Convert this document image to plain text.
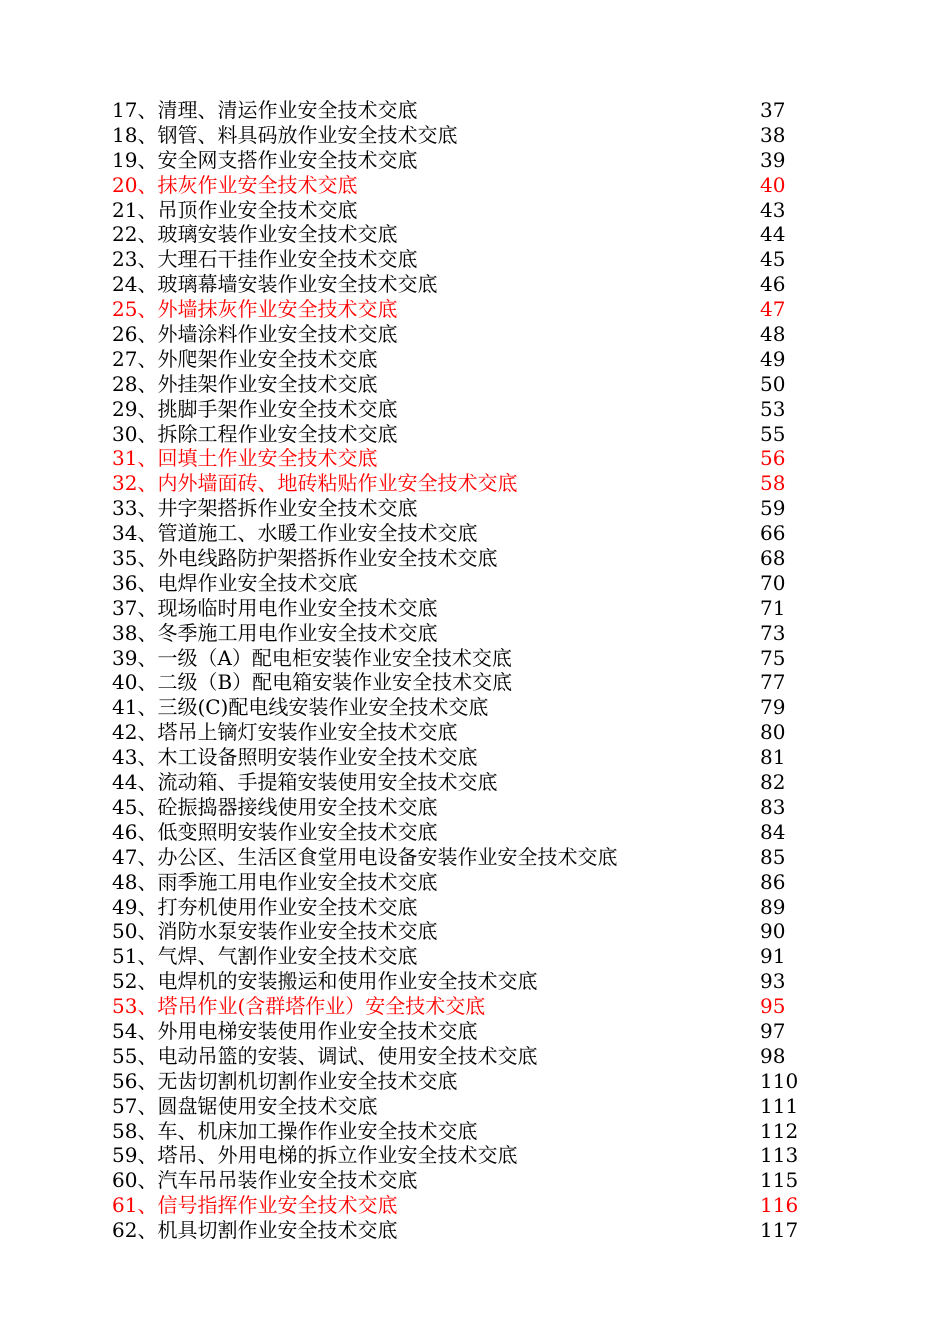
17、清理、清运作业安全技术交底	37
18、钢管、料具码放作业安全技术交底	38
19、安全网支搭作业安全技术交底	39
20、抹灰作业安全技术交底	40
21、吊顶作业安全技术交底	43
22、玻璃安装作业安全技术交底	44
23、大理石干挂作业安全技术交底	45
24、玻璃幕墙安装作业安全技术交底	46
25、外墙抹灰作业安全技术交底	47
26、外墙涂料作业安全技术交底	48
27、外爬架作业安全技术交底	49
28、外挂架作业安全技术交底	50
29、挑脚手架作业安全技术交底	53
30、拆除工程作业安全技术交底	55
31、回填土作业安全技术交底	56
32、内外墙面砖、地砖粘贴作业安全技术交底	58
33、井字架搭拆作业安全技术交底	59
34、管道施工、水暖工作业安全技术交底	66
35、外电线路防护架搭拆作业安全技术交底	68
36、电焊作业安全技术交底	70
37、现场临时用电作业安全技术交底	71
38、冬季施工用电作业安全技术交底	73
39、一级（A）配电柜安装作业安全技术交底	75
40、二级（B）配电箱安装作业安全技术交底	77
41、三级(C)配电线安装作业安全技术交底	79
42、塔吊上镝灯安装作业安全技术交底	80
43、木工设备照明安装作业安全技术交底	81
44、流动箱、手提箱安装使用安全技术交底	82
45、砼振捣器接线使用安全技术交底	83
46、低变照明安装作业安全技术交底	84
47、办公区、生活区食堂用电设备安装作业安全技术交底	85
48、雨季施工用电作业安全技术交底	86
49、打夯机使用作业安全技术交底	89
50、消防水泵安装作业安全技术交底	90
51、气焊、气割作业安全技术交底	91
52、电焊机的安装搬运和使用作业安全技术交底	93
53、塔吊作业(含群塔作业）安全技术交底	95
54、外用电梯安装使用作业安全技术交底	97
55、电动吊篮的安装、调试、使用安全技术交底	98
56、无齿切割机切割作业安全技术交底	110
57、圆盘锯使用安全技术交底	111
58、车、机床加工操作作业安全技术交底	112
59、塔吊、外用电梯的拆立作业安全技术交底	113
60、汽车吊吊装作业安全技术交底	115
61、信号指挥作业安全技术交底	116
62、机具切割作业安全技术交底	117
